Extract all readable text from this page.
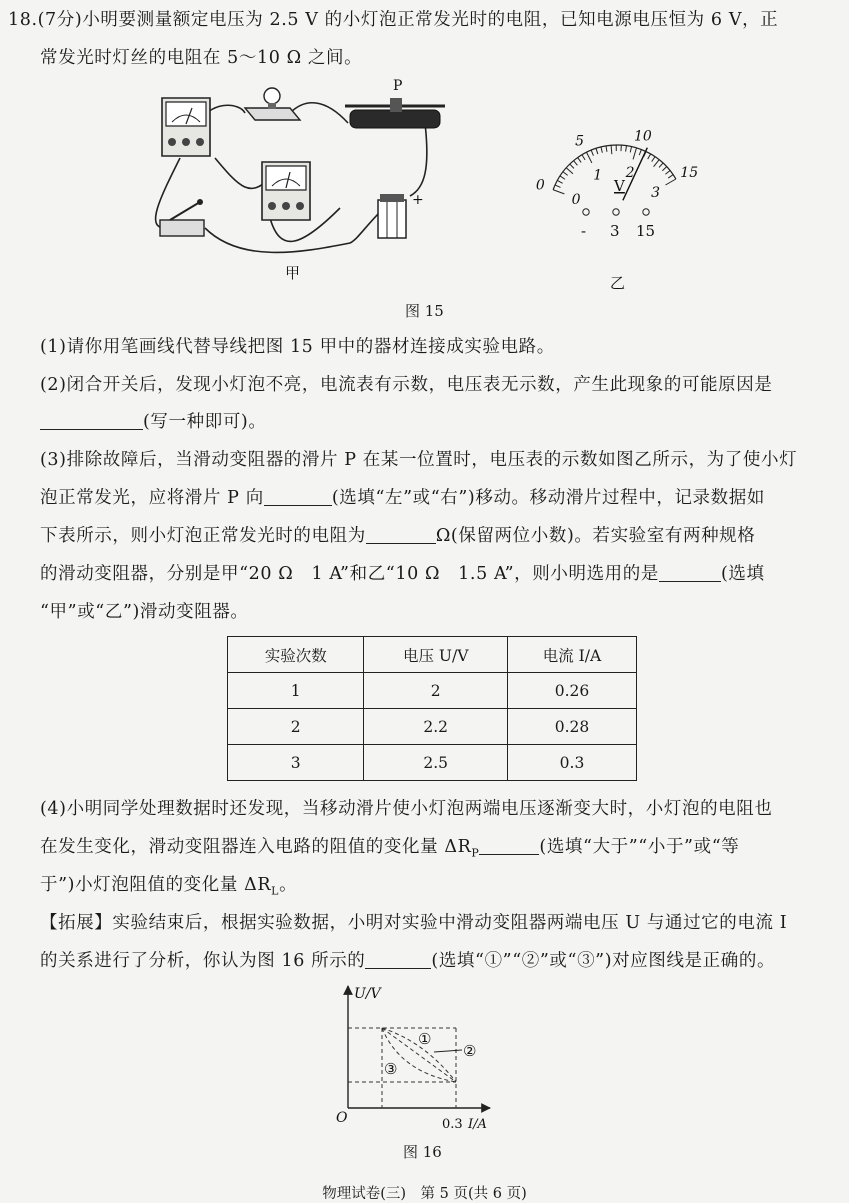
18.(7分)小明要测量额定电压为 2.5 V 的小灯泡正常发光时的电阻，已知电源电压恒为 6 V，正
常发光时灯丝的电阻在 5～10 Ω 之间。
P
+
甲
0
5	10
15
0
1 2
3
乙
V
- 3 15
图 15
(1)请你用笔画线代替导线把图 15 甲中的器材连接成实验电路。
(2)闭合开关后，发现小灯泡不亮，电流表有示数，电压表无示数，产生此现象的可能原因是
(写一种即可)。
(3)排除故障后，当滑动变阻器的滑片 P 在某一位置时，电压表的示数如图乙所示，为了使小灯
泡正常发光，应将滑片 P 向	(选填“左”或“右”)移动。移动滑片过程中，记录数据如
下表所示，则小灯泡正常发光时的电阻为	Ω(保留两位小数)。若实验室有两种规格
的滑动变阻器，分别是甲“20 Ω　1 A”和乙“10 Ω　1.5 A”，则小明选用的是	(选填
“甲”或“乙”)滑动变阻器。
实验次数	电压 U/V	电流 I/A
1	2	0.26
2	2.2	0.28
3	2.5	0.3
(4)小明同学处理数据时还发现，当移动滑片使小灯泡两端电压逐渐变大时，小灯泡的电阻也
在发生变化，滑动变阻器连入电路的阻值的变化量 $\Delta R_P$	(选填“大于”“小于”或“等
于”)小灯泡阻值的变化量 $\Delta R_L$。
【拓展】实验结束后，根据实验数据，小明对实验中滑动变阻器两端电压 U 与通过它的电流 I
的关系进行了分析，你认为图 16 所示的	(选填“①”“②”或“③”)对应图线是正确的。
U/V
O	0.3 I/A
①
②
③
图 16
物理试卷(三)　第 5 页(共 6 页)
